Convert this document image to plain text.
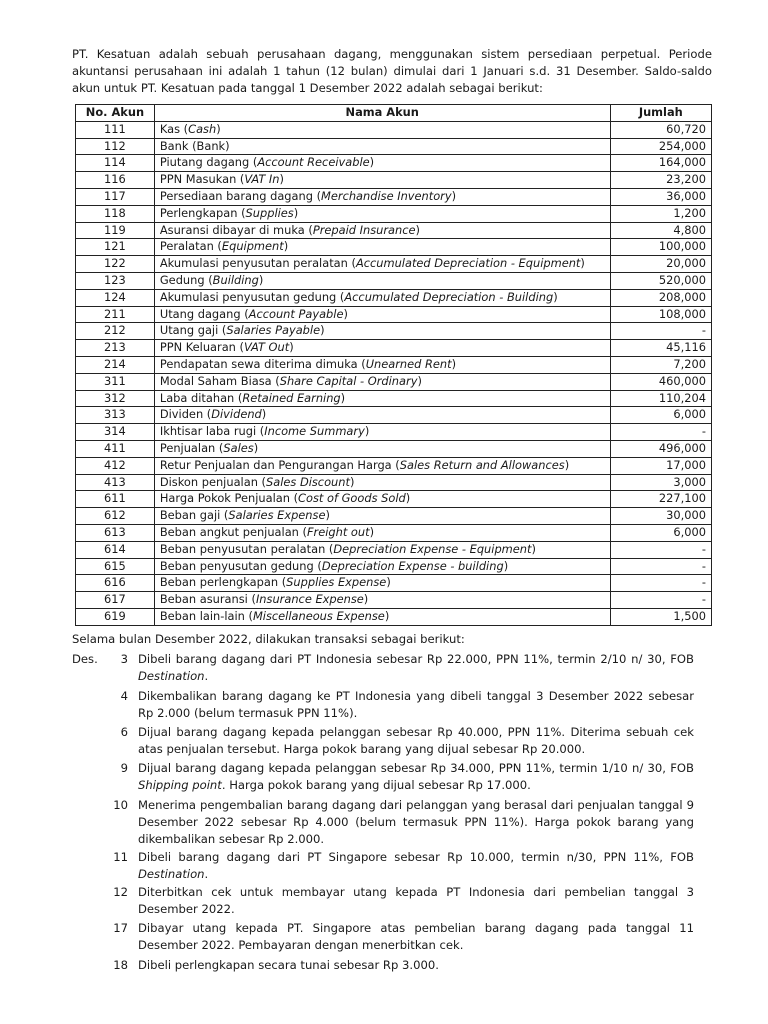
PT. Kesatuan adalah sebuah perusahaan dagang, menggunakan sistem persediaan perpetual. Periode akuntansi perusahaan ini adalah 1 tahun (12 bulan) dimulai dari 1 Januari s.d. 31 Desember. Saldo-saldo akun untuk PT. Kesatuan pada tanggal 1 Desember 2022 adalah sebagai berikut:

No. Akun	Nama Akun	Jumlah
111	Kas (Cash)	60,720
112	Bank (Bank)	254,000
114	Piutang dagang (Account Receivable)	164,000
116	PPN Masukan (VAT In)	23,200
117	Persediaan barang dagang (Merchandise Inventory)	36,000
118	Perlengkapan (Supplies)	1,200
119	Asuransi dibayar di muka (Prepaid Insurance)	4,800
121	Peralatan (Equipment)	100,000
122	Akumulasi penyusutan peralatan (Accumulated Depreciation - Equipment)	20,000
123	Gedung (Building)	520,000
124	Akumulasi penyusutan gedung (Accumulated Depreciation - Building)	208,000
211	Utang dagang (Account Payable)	108,000
212	Utang gaji (Salaries Payable)	-
213	PPN Keluaran (VAT Out)	45,116
214	Pendapatan sewa diterima dimuka (Unearned Rent)	7,200
311	Modal Saham Biasa (Share Capital - Ordinary)	460,000
312	Laba ditahan (Retained Earning)	110,204
313	Dividen (Dividend)	6,000
314	Ikhtisar laba rugi (Income Summary)	-
411	Penjualan (Sales)	496,000
412	Retur Penjualan dan Pengurangan Harga (Sales Return and Allowances)	17,000
413	Diskon penjualan (Sales Discount)	3,000
611	Harga Pokok Penjualan (Cost of Goods Sold)	227,100
612	Beban gaji (Salaries Expense)	30,000
613	Beban angkut penjualan (Freight out)	6,000
614	Beban penyusutan peralatan (Depreciation Expense - Equipment)	-
615	Beban penyusutan gedung (Depreciation Expense - building)	-
616	Beban perlengkapan (Supplies Expense)	-
617	Beban asuransi (Insurance Expense)	-
619	Beban lain-lain (Miscellaneous Expense)	1,500

Selama bulan Desember 2022, dilakukan transaksi sebagai berikut:

Des.	3 Dibeli barang dagang dari PT Indonesia sebesar Rp 22.000, PPN 11%, termin 2/10 n/ 30, FOB Destination.
4 Dikembalikan barang dagang ke PT Indonesia yang dibeli tanggal 3 Desember 2022 sebesar Rp 2.000 (belum termasuk PPN 11%).
6 Dijual barang dagang kepada pelanggan sebesar Rp 40.000, PPN 11%. Diterima sebuah cek atas penjualan tersebut. Harga pokok barang yang dijual sebesar Rp 20.000.
9 Dijual barang dagang kepada pelanggan sebesar Rp 34.000, PPN 11%, termin 1/10 n/ 30, FOB Shipping point. Harga pokok barang yang dijual sebesar Rp 17.000.
10 Menerima pengembalian barang dagang dari pelanggan yang berasal dari penjualan tanggal 9 Desember 2022 sebesar Rp 4.000 (belum termasuk PPN 11%). Harga pokok barang yang dikembalikan sebesar Rp 2.000.
11 Dibeli barang dagang dari PT Singapore sebesar Rp 10.000, termin n/30, PPN 11%, FOB Destination.
12 Diterbitkan cek untuk membayar utang kepada PT Indonesia dari pembelian tanggal 3 Desember 2022.
17 Dibayar utang kepada PT. Singapore atas pembelian barang dagang pada tanggal 11 Desember 2022. Pembayaran dengan menerbitkan cek.
18 Dibeli perlengkapan secara tunai sebesar Rp 3.000.
